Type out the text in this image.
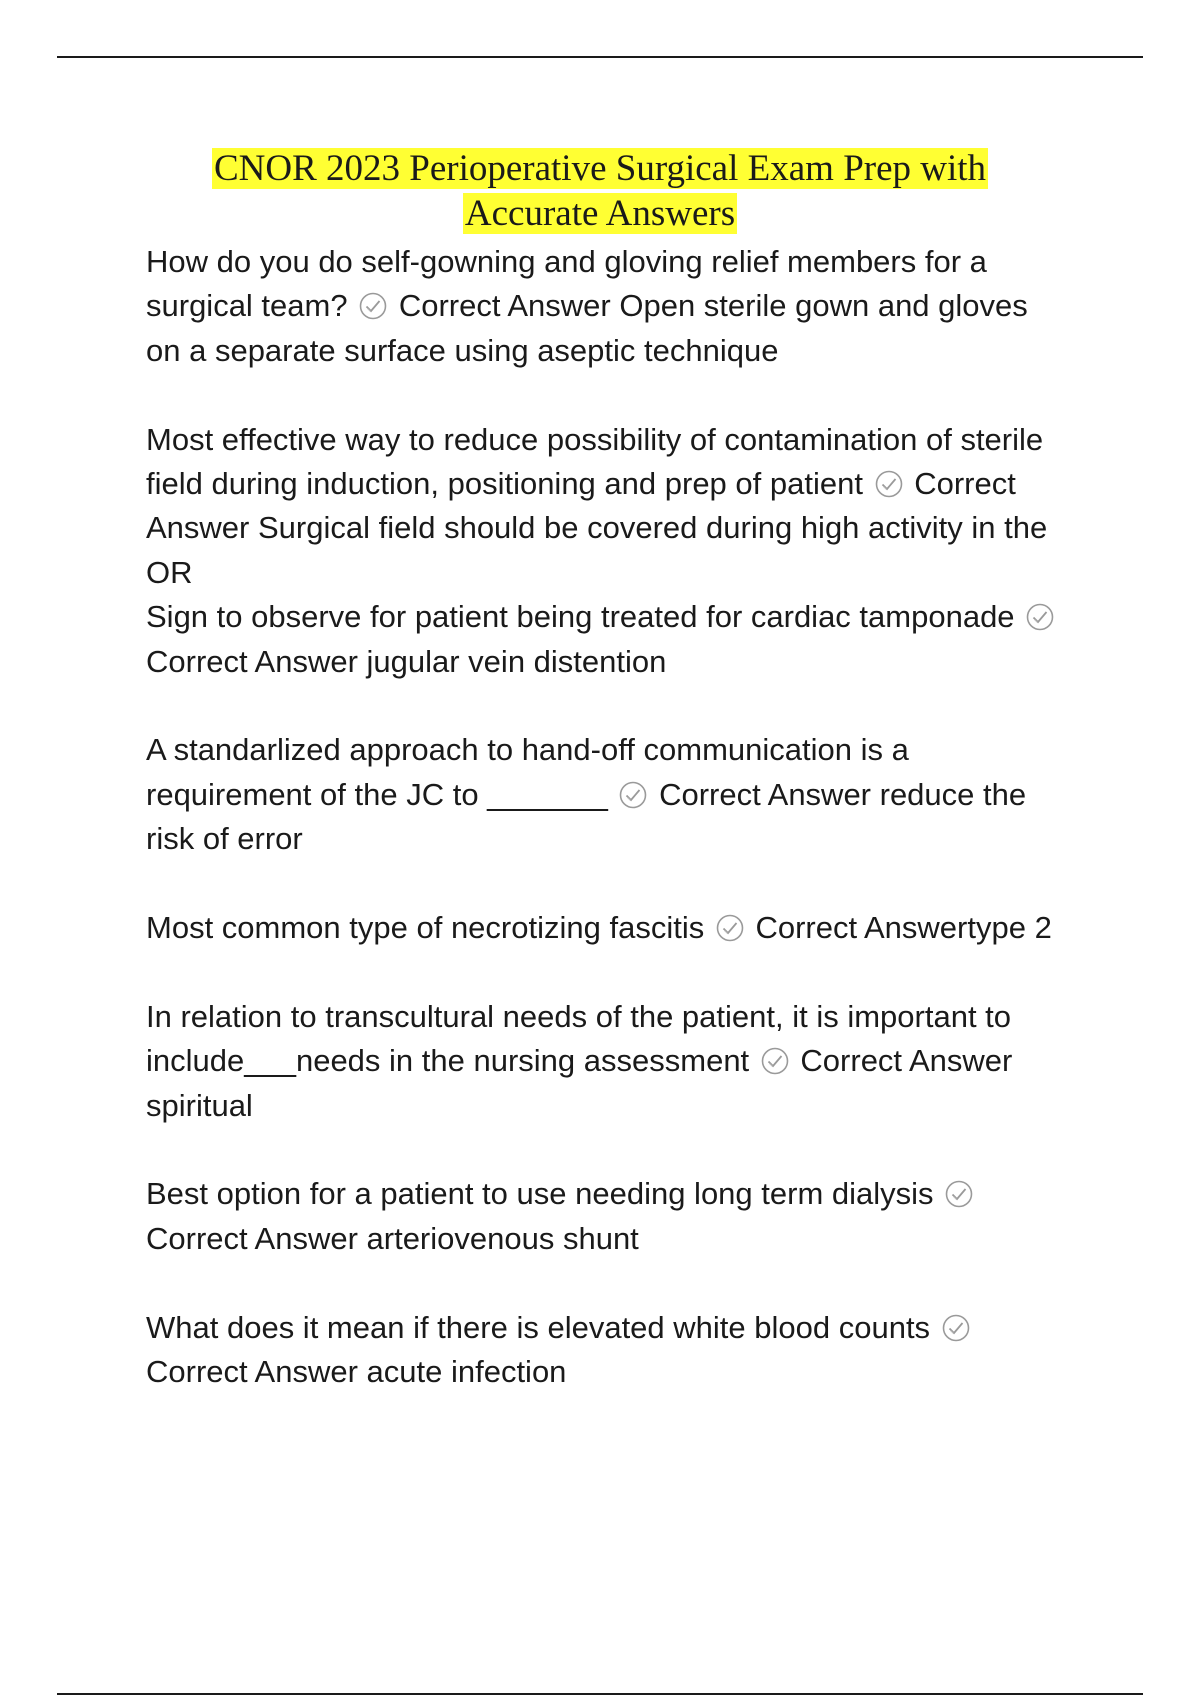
CNOR 2023 Perioperative Surgical Exam Prep with
Accurate Answers

How do you do self-gowning and gloving relief members for a surgical team? Correct Answer Open sterile gown and gloves on a separate surface using aseptic technique

Most effective way to reduce possibility of contamination of sterile field during induction, positioning and prep of patient Correct Answer Surgical field should be covered during high activity in the OR

Sign to observe for patient being treated for cardiac tamponade
Correct Answer jugular vein distention

A standarlized approach to hand-off communication is a requirement of the JC to _______ Correct Answer reduce the risk of error

Most common type of necrotizing fascitis Correct Answertype 2

In relation to transcultural needs of the patient, it is important to include___needs in the nursing assessment Correct Answer spiritual

Best option for a patient to use needing long term dialysis
Correct Answer arteriovenous shunt

What does it mean if there is elevated white blood counts
Correct Answer acute infection
